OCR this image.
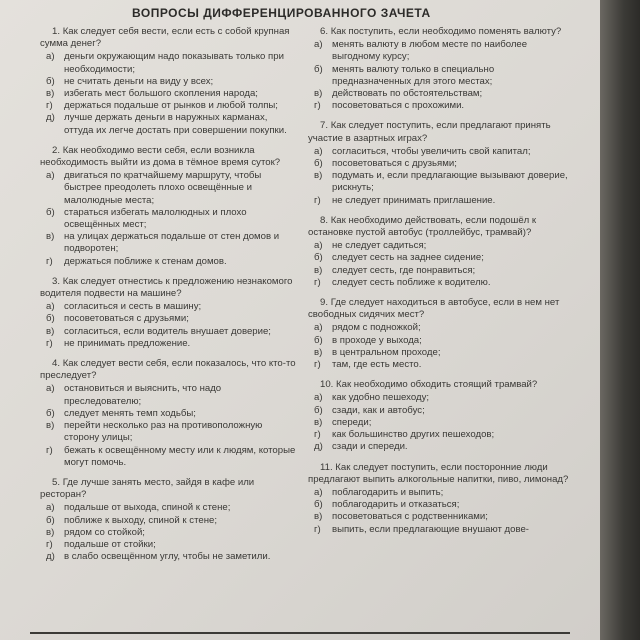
ВОПРОСЫ ДИФФЕРЕНЦИРОВАННОГО ЗАЧЕТА
1. Как следует себя вести, если есть с собой крупная сумма денег?
а) деньги окружающим надо показывать только при необходимости;
б) не считать деньги на виду у всех;
в)	избегать мест большого скопления народа;
г)	держаться подальше от рынков и любой толпы;
д) лучше держать деньги в наружных карманах, оттуда их легче достать при совершении покупки.
2. Как необходимо вести себя, если возникла необходимость выйти из дома в тёмное время суток?
а) двигаться по кратчайшему маршруту, чтобы быстрее преодолеть плохо освещённые и малолюдные места;
б) стараться избегать малолюдных и плохо освещённых мест;
в)	на улицах держаться подальше от стен домов и подворотен;
г)	держаться поближе к стенам домов.
3. Как следует отнестись к предложению незнакомого водителя подвести на машине?
а) согласиться и сесть в машину;
б) посоветоваться с друзьями;
в)	согласиться, если водитель внушает доверие;
г)	не принимать предложение.
4. Как следует вести себя, если показалось, что кто-то преследует?
а) остановиться и выяснить, что надо преследователю;
б) следует менять темп ходьбы;
в)	перейти несколько раз на противоположную сторону улицы;
г)	бежать к освещённому месту или к людям, которые могут помочь.
5. Где лучше занять место, зайдя в кафе или ресторан?
а) подальше от выхода, спиной к стене;
б) поближе к выходу, спиной к стене;
в)	рядом со стойкой;
г)	подальше от стойки;
д) в слабо освещённом углу, чтобы не заметили.
6. Как поступить, если необходимо поменять валюту?
а) менять валюту в любом месте по наиболее выгодному курсу;
б) менять валюту только в специально предназначенных для этого местах;
в)	действовать по обстоятельствам;
г)	посоветоваться с прохожими.
7. Как следует поступить, если предлагают принять участие в азартных играх?
а) согласиться, чтобы увеличить свой капитал;
б) посоветоваться с друзьями;
в)	подумать и, если предлагающие вызывают доверие, рискнуть;
г)	не следует принимать приглашение.
8. Как необходимо действовать, если подошёл к остановке пустой автобус (троллейбус, трамвай)?
а) не следует садиться;
б) следует сесть на заднее сидение;
в)	следует сесть, где понравиться;
г)	следует сесть поближе к водителю.
9. Где следует находиться в автобусе, если в нем нет свободных сидячих мест?
а) рядом с подножкой;
б) в проходе у выхода;
в)	в центральном проходе;
г)	там, где есть место.
10. Как необходимо обходить стоящий трамвай?
а) как удобно пешеходу;
б) сзади, как и автобус;
в)	спереди;
г)	как большинство других пешеходов;
д) сзади и спереди.
11. Как следует поступить, если посторонние люди предлагают выпить алкогольные напитки, пиво, лимонад?
а) поблагодарить и выпить;
б) поблагодарить и отказаться;
в)	посоветоваться с родственниками;
г)	выпить, если предлагающие внушают дове-
